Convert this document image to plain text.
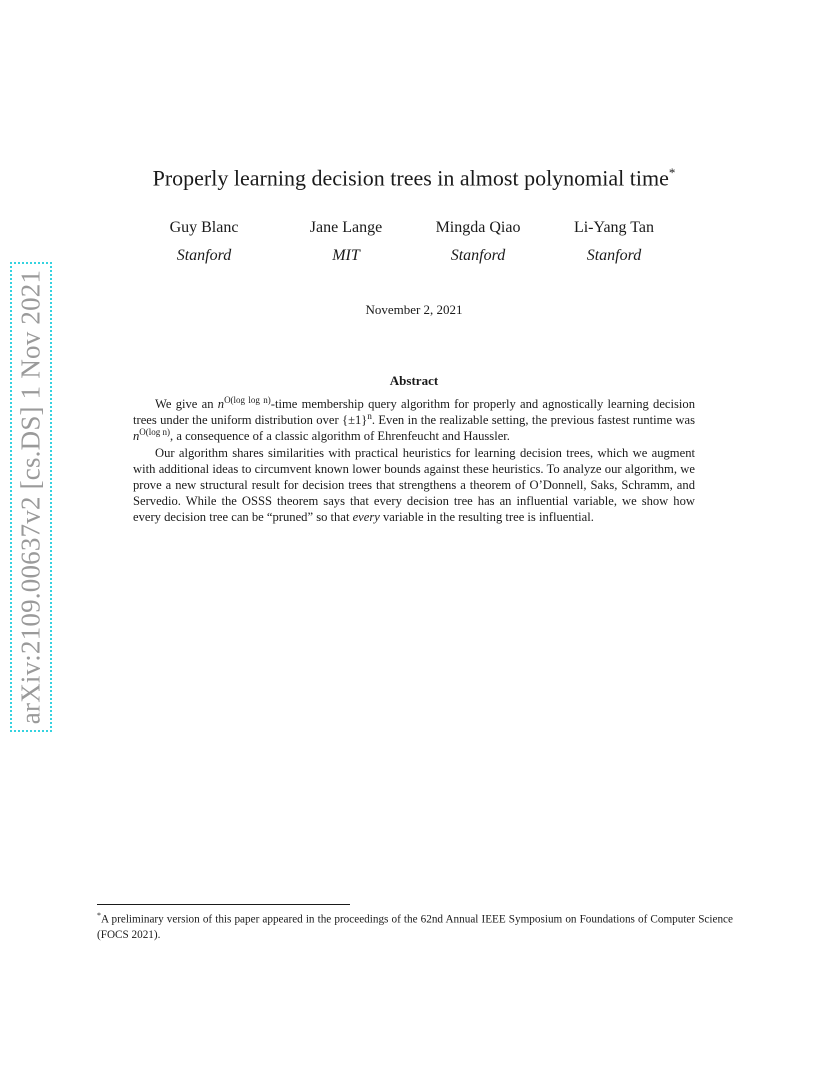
arXiv:2109.00637v2 [cs.DS] 1 Nov 2021
Properly learning decision trees in almost polynomial time*
Guy Blanc
Stanford
Jane Lange
MIT
Mingda Qiao
Stanford
Li-Yang Tan
Stanford
November 2, 2021
Abstract

We give an $n^{O(log log n)}$-time membership query algorithm for properly and agnostically learning decision trees under the uniform distribution over $\{\pm 1\}^n$. Even in the realizable setting, the previous fastest runtime was $n^{O(log n)}$, a consequence of a classic algorithm of Ehrenfeucht and Haussler.

Our algorithm shares similarities with practical heuristics for learning decision trees, which we augment with additional ideas to circumvent known lower bounds against these heuristics. To analyze our algorithm, we prove a new structural result for decision trees that strengthens a theorem of O’Donnell, Saks, Schramm, and Servedio. While the OSSS theorem says that every decision tree has an influential variable, we show how every decision tree can be “pruned” so that every variable in the resulting tree is influential.

*A preliminary version of this paper appeared in the proceedings of the 62nd Annual IEEE Symposium on Foundations of Computer Science (FOCS 2021).
